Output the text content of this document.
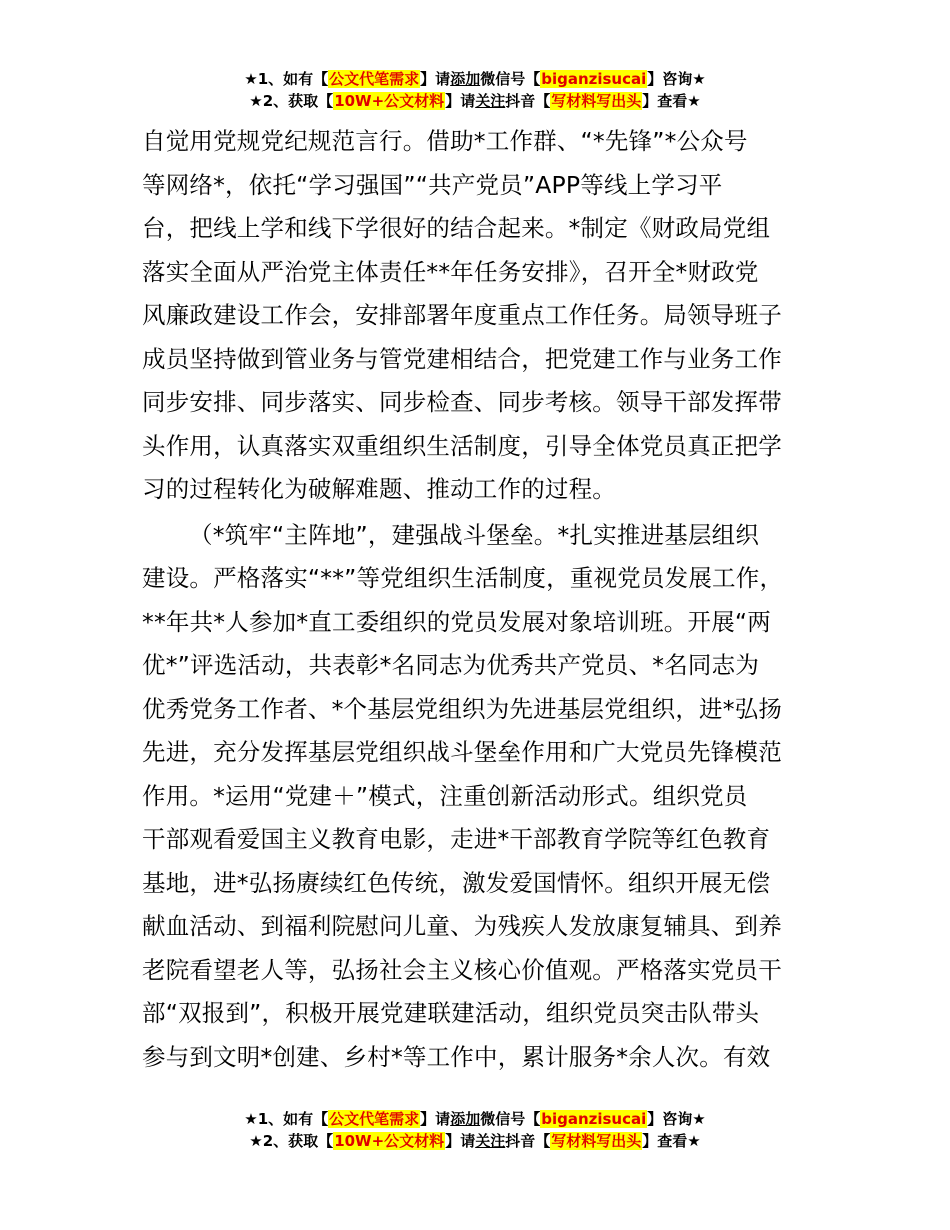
★1、如有【公文代笔需求】请添加微信号【biganzisucai】咨询★
★2、获取【10W+公文材料】请关注抖音【写材料写出头】查看★
自觉用党规党纪规范言行。借助*工作群、“*先锋”*公众号
等网络*，依托“学习强国”“共产党员”APP等线上学习平
台，把线上学和线下学很好的结合起来。*制定《财政局党组
落实全面从严治党主体责任**年任务安排》，召开全*财政党
风廉政建设工作会，安排部署年度重点工作任务。局领导班子
成员坚持做到管业务与管党建相结合，把党建工作与业务工作
同步安排、同步落实、同步检查、同步考核。领导干部发挥带
头作用，认真落实双重组织生活制度，引导全体党员真正把学
习的过程转化为破解难题、推动工作的过程。
（*筑牢“主阵地”，建强战斗堡垒。*扎实推进基层组织
建设。严格落实“**”等党组织生活制度，重视党员发展工作，
**年共*人参加*直工委组织的党员发展对象培训班。开展“两
优*”评选活动，共表彰*名同志为优秀共产党员、*名同志为
优秀党务工作者、*个基层党组织为先进基层党组织，进*弘扬
先进，充分发挥基层党组织战斗堡垒作用和广大党员先锋模范
作用。*运用“党建＋”模式，注重创新活动形式。组织党员
干部观看爱国主义教育电影，走进*干部教育学院等红色教育
基地，进*弘扬赓续红色传统，激发爱国情怀。组织开展无偿
献血活动、到福利院慰问儿童、为残疾人发放康复辅具、到养
老院看望老人等，弘扬社会主义核心价值观。严格落实党员干
部“双报到”，积极开展党建联建活动，组织党员突击队带头
参与到文明*创建、乡村*等工作中，累计服务*余人次。有效
★1、如有【公文代笔需求】请添加微信号【biganzisucai】咨询★
★2、获取【10W+公文材料】请关注抖音【写材料写出头】查看★
